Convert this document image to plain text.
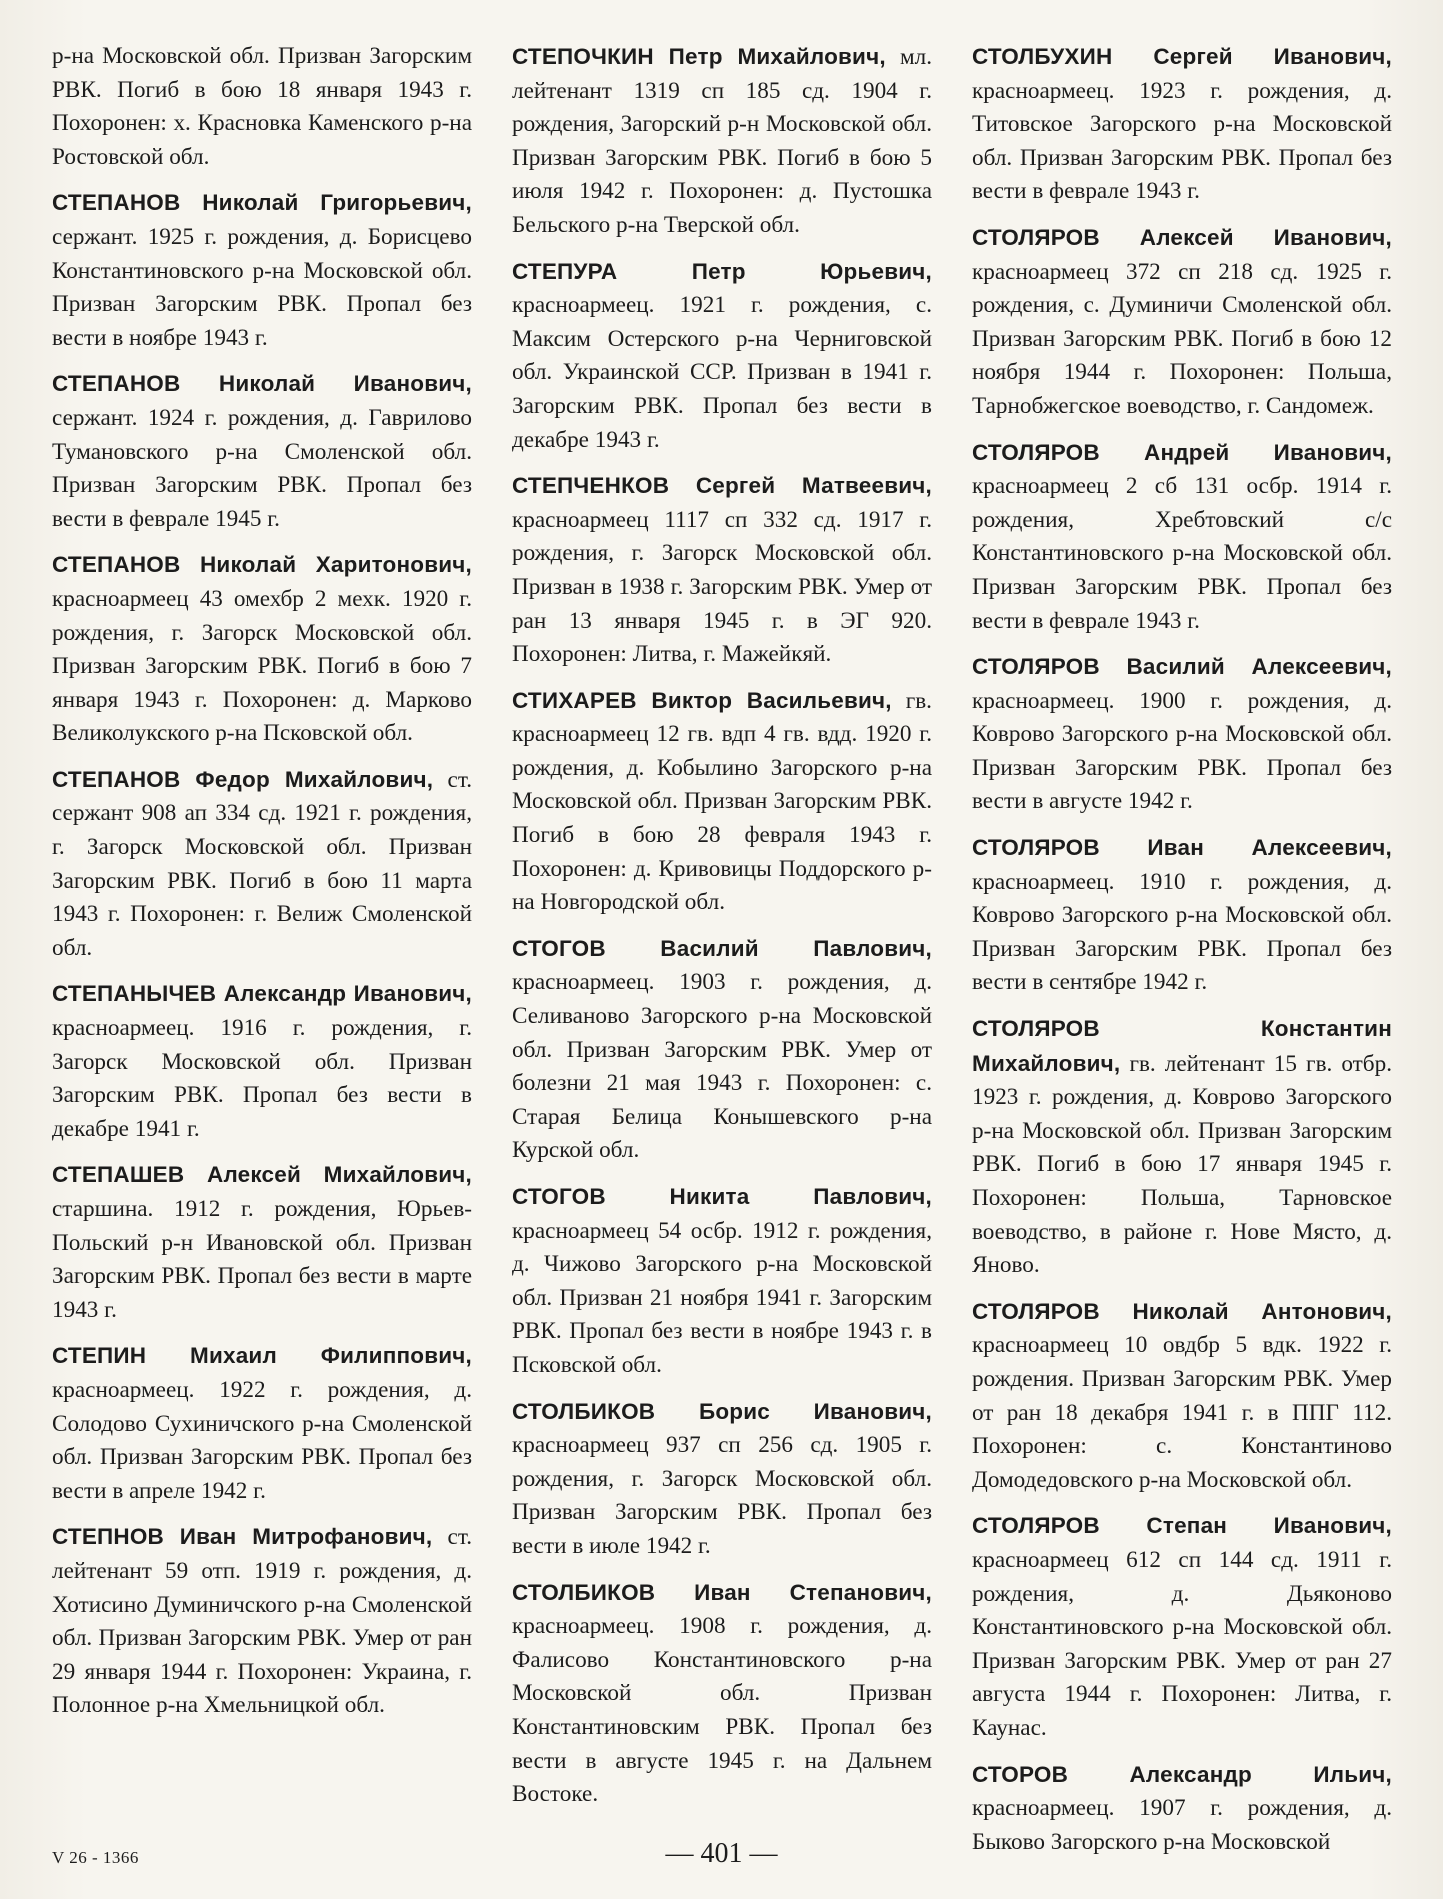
р-на Московской обл. Призван Загорским РВК. Погиб в бою 18 января 1943 г. Похоронен: х. Красновка Каменского р-на Ростовской обл.

СТЕПАНОВ Николай Григорьевич, сержант. 1925 г. рождения, д. Борисцево Константиновского р-на Московской обл. Призван Загорским РВК. Пропал без вести в ноябре 1943 г.

СТЕПАНОВ Николай Иванович, сержант. 1924 г. рождения, д. Гаврилово Тумановского р-на Смоленской обл. Призван Загорским РВК. Пропал без вести в феврале 1945 г.

СТЕПАНОВ Николай Харитонович, красноармеец 43 омехбр 2 мехк. 1920 г. рождения, г. Загорск Московской обл. Призван Загорским РВК. Погиб в бою 7 января 1943 г. Похоронен: д. Марково Великолукского р-на Псковской обл.

СТЕПАНОВ Федор Михайлович, ст. сержант 908 ап 334 сд. 1921 г. рождения, г. Загорск Московской обл. Призван Загорским РВК. Погиб в бою 11 марта 1943 г. Похоронен: г. Велиж Смоленской обл.

СТЕПАНЫЧЕВ Александр Иванович, красноармеец. 1916 г. рождения, г. Загорск Московской обл. Призван Загорским РВК. Пропал без вести в декабре 1941 г.

СТЕПАШЕВ Алексей Михайлович, старшина. 1912 г. рождения, Юрьев-Польский р-н Ивановской обл. Призван Загорским РВК. Пропал без вести в марте 1943 г.

СТЕПИН Михаил Филиппович, красноармеец. 1922 г. рождения, д. Солодово Сухиничского р-на Смоленской обл. Призван Загорским РВК. Пропал без вести в апреле 1942 г.

СТЕПНОВ Иван Митрофанович, ст. лейтенант 59 отп. 1919 г. рождения, д. Хотисино Думиничского р-на Смоленской обл. Призван Загорским РВК. Умер от ран 29 января 1944 г. Похоронен: Украина, г. Полонное р-на Хмельницкой обл.

СТЕПОЧКИН Петр Михайлович, мл. лейтенант 1319 сп 185 сд. 1904 г. рождения, Загорский р-н Московской обл. Призван Загорским РВК. Погиб в бою 5 июля 1942 г. Похоронен: д. Пустошка Бельского р-на Тверской обл.

СТЕПУРА Петр Юрьевич, красноармеец. 1921 г. рождения, с. Максим Остерского р-на Черниговской обл. Украинской ССР. Призван в 1941 г. Загорским РВК. Пропал без вести в декабре 1943 г.

СТЕПЧЕНКОВ Сергей Матвеевич, красноармеец 1117 сп 332 сд. 1917 г. рождения, г. Загорск Московской обл. Призван в 1938 г. Загорским РВК. Умер от ран 13 января 1945 г. в ЭГ 920. Похоронен: Литва, г. Мажейкяй.

СТИХАРЕВ Виктор Васильевич, гв. красноармеец 12 гв. вдп 4 гв. вдд. 1920 г. рождения, д. Кобылино Загорского р-на Московской обл. Призван Загорским РВК. Погиб в бою 28 февраля 1943 г. Похоронен: д. Кривовицы Поддорского р-на Новгородской обл.

СТОГОВ Василий Павлович, красноармеец. 1903 г. рождения, д. Селиваново Загорского р-на Московской обл. Призван Загорским РВК. Умер от болезни 21 мая 1943 г. Похоронен: с. Старая Белица Конышевского р-на Курской обл.

СТОГОВ Никита Павлович, красноармеец 54 осбр. 1912 г. рождения, д. Чижово Загорского р-на Московской обл. Призван 21 ноября 1941 г. Загорским РВК. Пропал без вести в ноябре 1943 г. в Псковской обл.

СТОЛБИКОВ Борис Иванович, красноармеец 937 сп 256 сд. 1905 г. рождения, г. Загорск Московской обл. Призван Загорским РВК. Пропал без вести в июле 1942 г.

СТОЛБИКОВ Иван Степанович, красноармеец. 1908 г. рождения, д. Фалисово Константиновского р-на Московской обл. Призван Константиновским РВК. Пропал без вести в августе 1945 г. на Дальнем Востоке.

СТОЛБУХИН Сергей Иванович, красноармеец. 1923 г. рождения, д. Титовское Загорского р-на Московской обл. Призван Загорским РВК. Пропал без вести в феврале 1943 г.

СТОЛЯРОВ Алексей Иванович, красноармеец 372 сп 218 сд. 1925 г. рождения, с. Думиничи Смоленской обл. Призван Загорским РВК. Погиб в бою 12 ноября 1944 г. Похоронен: Польша, Тарнобжегское воеводство, г. Сандомеж.

СТОЛЯРОВ Андрей Иванович, красноармеец 2 сб 131 осбр. 1914 г. рождения, Хребтовский с/с Константиновского р-на Московской обл. Призван Загорским РВК. Пропал без вести в феврале 1943 г.

СТОЛЯРОВ Василий Алексеевич, красноармеец. 1900 г. рождения, д. Коврово Загорского р-на Московской обл. Призван Загорским РВК. Пропал без вести в августе 1942 г.

СТОЛЯРОВ Иван Алексеевич, красноармеец. 1910 г. рождения, д. Коврово Загорского р-на Московской обл. Призван Загорским РВК. Пропал без вести в сентябре 1942 г.

СТОЛЯРОВ Константин Михайлович, гв. лейтенант 15 гв. отбр. 1923 г. рождения, д. Коврово Загорского р-на Московской обл. Призван Загорским РВК. Погиб в бою 17 января 1945 г. Похоронен: Польша, Тарновское воеводство, в районе г. Нове Място, д. Яново.

СТОЛЯРОВ Николай Антонович, красноармеец 10 овдбр 5 вдк. 1922 г. рождения. Призван Загорским РВК. Умер от ран 18 декабря 1941 г. в ППГ 112. Похоронен: с. Константиново Домодедовского р-на Московской обл.

СТОЛЯРОВ Степан Иванович, красноармеец 612 сп 144 сд. 1911 г. рождения, д. Дьяконово Константиновского р-на Московской обл. Призван Загорским РВК. Умер от ран 27 августа 1944 г. Похоронен: Литва, г. Каунас.

СТОРОВ Александр Ильич, красноармеец. 1907 г. рождения, д. Быково Загорского р-на Московской

V 26 - 1366	— 401 —
